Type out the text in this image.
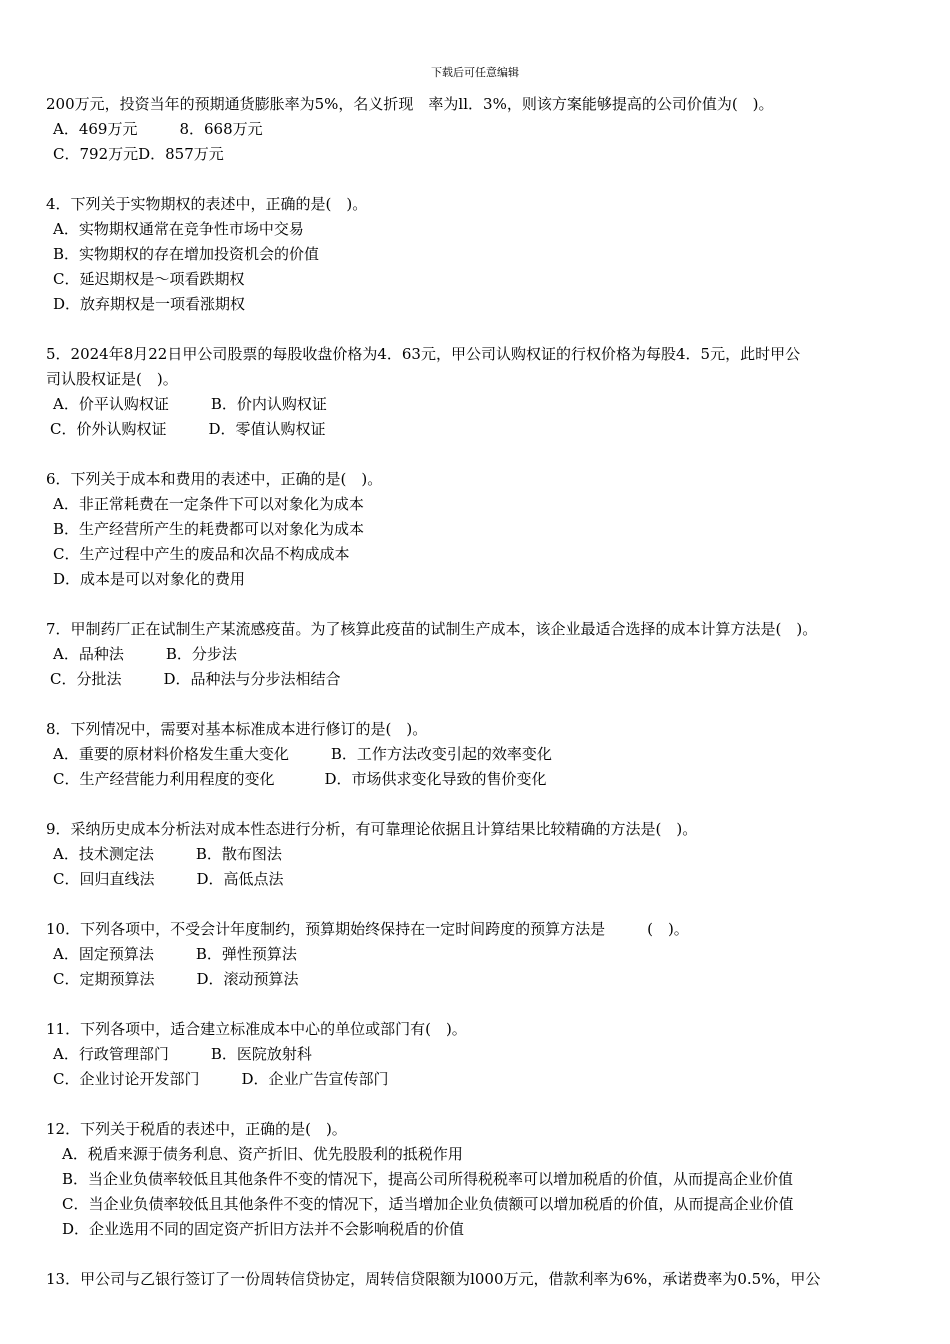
下载后可任意编辑
200万元，投资当年的预期通货膨胀率为5%，名义折现　率为ll．3%，则该方案能够提高的公司价值为(　)。
A．469万元	8．668万元
C．792万元D．857万元
4．下列关于实物期权的表述中，正确的是(　)。
A．实物期权通常在竞争性市场中交易
B．实物期权的存在增加投资机会的价值
C．延迟期权是～项看跌期权
D．放弃期权是一项看涨期权
5．2024年8月22日甲公司股票的每股收盘价格为4．63元，甲公司认购权证的行权价格为每股4．5元，此时甲公
司认股权证是(　)。
A．价平认购权证	B．价内认购权证
C．价外认购权证	D．零值认购权证
6．下列关于成本和费用的表述中，正确的是(　)。
A．非正常耗费在一定条件下可以对象化为成本
B．生产经营所产生的耗费都可以对象化为成本
C．生产过程中产生的废品和次品不构成成本
D．成本是可以对象化的费用
7．甲制药厂正在试制生产某流感疫苗。为了核算此疫苗的试制生产成本，该企业最适合选择的成本计算方法是(　)。
A．品种法	B．分步法
C．分批法	D．品种法与分步法相结合
8．下列情况中，需要对基本标准成本进行修订的是(　)。
A．重要的原材料价格发生重大变化	B．工作方法改变引起的效率变化
C．生产经营能力利用程度的变化	D．市场供求变化导致的售价变化
9．采纳历史成本分析法对成本性态进行分析，有可靠理论依据且计算结果比较精确的方法是(　)。
A．技术测定法	B．散布图法
C．回归直线法	D．高低点法
10．下列各项中，不受会计年度制约，预算期始终保持在一定时间跨度的预算方法是	(　)。
A．固定预算法	B．弹性预算法
C．定期预算法	D．滚动预算法
11．下列各项中，适合建立标准成本中心的单位或部门有(　)。
A．行政管理部门	B．医院放射科
C．企业讨论开发部门	D．企业广告宣传部门
12．下列关于税盾的表述中，正确的是(　)。
A．税盾来源于债务利息、资产折旧、优先股股利的抵税作用
B．当企业负债率较低且其他条件不变的情况下，提高公司所得税税率可以增加税盾的价值，从而提高企业价值
C．当企业负债率较低且其他条件不变的情况下，适当增加企业负债额可以增加税盾的价值，从而提高企业价值
D．企业选用不同的固定资产折旧方法并不会影响税盾的价值
13．甲公司与乙银行签订了一份周转信贷协定，周转信贷限额为l000万元，借款利率为6%，承诺费率为0.5%，甲公
